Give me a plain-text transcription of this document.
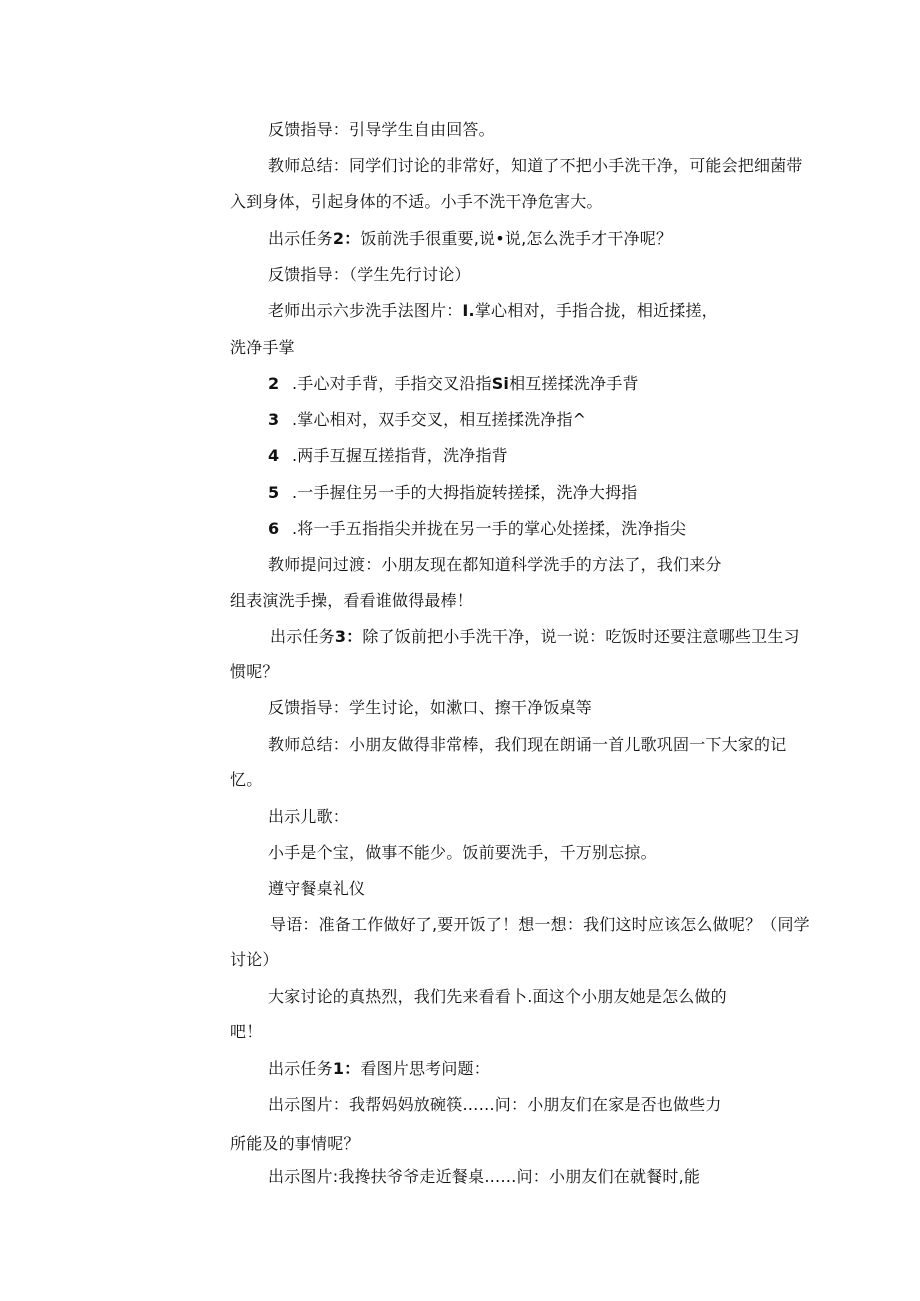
反馈指导：引导学生自由回答。
教师总结：同学们讨论的非常好，知道了不把小手洗干净，可能会把细菌带
入到身体，引起身体的不适。小手不洗干净危害大。
出示任务2：饭前洗手很重要,说•说,怎么洗手才干净呢？
反馈指导：（学生先行讨论）
老师出示六步洗手法图片：I.掌心相对，手指合拢，相近揉搓，
洗净手掌
2 .手心对手背，手指交叉沿指Si相互搓揉洗净手背
3 .掌心相对，双手交叉，相互搓揉洗净指^
4 .两手互握互搓指背，洗净指背
5 .一手握住另一手的大拇指旋转搓揉，洗净大拇指
6 .将一手五指指尖并拢在另一手的掌心处搓揉，洗净指尖
教师提问过渡：小朋友现在都知道科学洗手的方法了，我们来分
组表演洗手操，看看谁做得最棒！
出示任务3：除了饭前把小手洗干净，说一说：吃饭时还要注意哪些卫生习
惯呢？
反馈指导：学生讨论，如漱口、擦干净饭桌等
教师总结：小朋友做得非常棒，我们现在朗诵一首儿歌巩固一下大家的记
忆。
出示儿歌：
小手是个宝，做事不能少。饭前要洗手，千万别忘掠。
遵守餐桌礼仪
导语：准备工作做好了,要开饭了！想一想：我们这时应该怎么做呢？（同学
讨论）
大家讨论的真热烈，我们先来看看卜.面这个小朋友她是怎么做的
吧！
出示任务1：看图片思考问题：
出示图片：我帮妈妈放碗筷……问：小朋友们在家是否也做些力
所能及的事情呢？
出示图片:我搀扶爷爷走近餐桌……问：小朋友们在就餐时,能
